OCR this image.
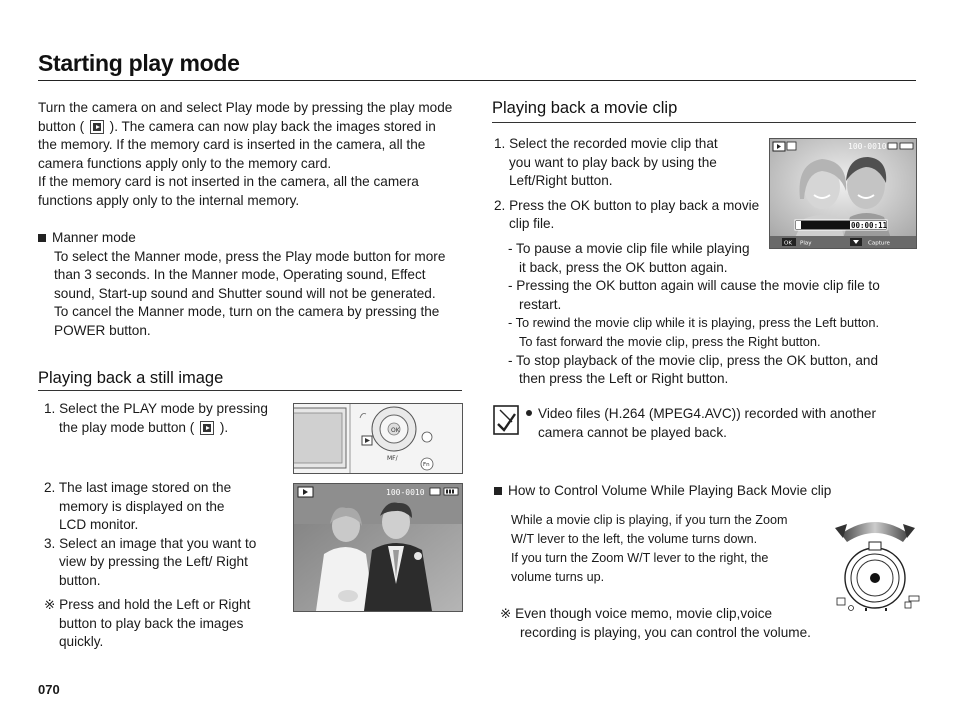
Starting play mode

Turn the camera on and select Play mode by pressing the play mode

button ( ). The camera can now play back the images stored in

the memory. If the memory card is inserted in the camera, all the

camera functions apply only to the memory card.

If the memory card is not inserted in the camera, all the camera

functions apply only to the internal memory.

Manner mode

To select the Manner mode, press the Play mode button for more

than 3 seconds. In the Manner mode, Operating sound, Effect

sound, Start-up sound and Shutter sound will not be generated.

To cancel the Manner mode, turn on the camera by pressing the

POWER button.

Playing back a still image

1. Select the PLAY mode by pressing

the play mode button ( ).

2. The last image stored on the

memory is displayed on the

LCD monitor.

3. Select an image that you want to

view by pressing the Left/ Right

button.

※ Press and hold the Left or Right

button to play back the images

quickly.

OK
Fn
MF/
100-0010
Playing back a movie clip

1. Select the recorded movie clip that

you want to play back by using the

Left/Right button.

2. Press the OK button to play back a movie

clip file.

- To pause a movie clip file while playing

it back, press the OK button again.

- Pressing the OK button again will cause the movie clip file to

restart.

- To rewind the movie clip while it is playing, press the Left button.

To fast forward the movie clip, press the Right button.

- To stop playback of the movie clip, press the OK button, and

then press the Left or Right button.

100-0010
00:00:11
OK Play	Capture

Video files (H.264 (MPEG4.AVC)) recorded with another

camera cannot be played back.

How to Control Volume While Playing Back Movie clip

While a movie clip is playing, if you turn the Zoom

W/T lever to the left, the volume turns down.

If you turn the Zoom W/T lever to the right, the

volume turns up.

※ Even though voice memo, movie clip,voice

recording is playing, you can control the volume.

070
